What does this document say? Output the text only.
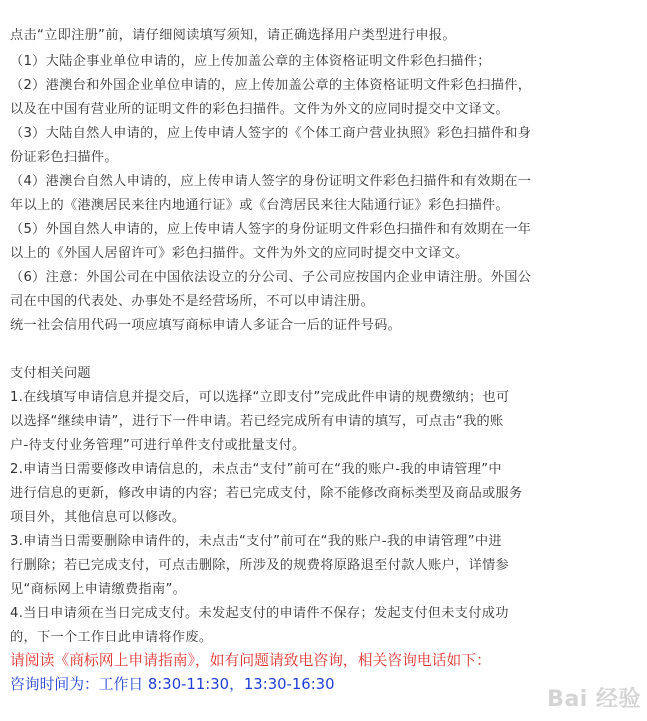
点击“立即注册”前，请仔细阅读填写须知，请正确选择用户类型进行申报。
（1）大陆企事业单位申请的，应上传加盖公章的主体资格证明文件彩色扫描件；
（2）港澳台和外国企业单位申请的，应上传加盖公章的主体资格证明文件彩色扫描件，
以及在中国有营业所的证明文件的彩色扫描件。文件为外文的应同时提交中文译文。
（3）大陆自然人申请的，应上传申请人签字的《个体工商户营业执照》彩色扫描件和身
份证彩色扫描件。
（4）港澳台自然人申请的，应上传申请人签字的身份证明文件彩色扫描件和有效期在一
年以上的《港澳居民来往内地通行证》或《台湾居民来往大陆通行证》彩色扫描件。
（5）外国自然人申请的，应上传申请人签字的身份证明文件彩色扫描件和有效期在一年
以上的《外国人居留许可》彩色扫描件。文件为外文的应同时提交中文译文。
（6）注意：外国公司在中国依法设立的分公司、子公司应按国内企业申请注册。外国公
司在中国的代表处、办事处不是经营场所，不可以申请注册。
统一社会信用代码一项应填写商标申请人多证合一后的证件号码。
支付相关问题
1.在线填写申请信息并提交后，可以选择“立即支付”完成此件申请的规费缴纳；也可
以选择“继续申请”，进行下一件申请。若已经完成所有申请的填写，可点击“我的账
户-待支付业务管理”可进行单件支付或批量支付。
2.申请当日需要修改申请信息的，未点击“支付”前可在“我的账户-我的申请管理”中
进行信息的更新，修改申请的内容；若已完成支付，除不能修改商标类型及商品或服务
项目外，其他信息可以修改。
3.申请当日需要删除申请件的，未点击“支付”前可在“我的账户-我的申请管理”中进
行删除；若已完成支付，可点击删除，所涉及的规费将原路退至付款人账户，详情参
见“商标网上申请缴费指南”。
4.当日申请须在当日完成支付。未发起支付的申请件不保存；发起支付但未支付成功
的，下一个工作日此申请将作废。
请阅读《商标网上申请指南》，如有问题请致电咨询，相关咨询电话如下：
咨询时间为：工作日 8:30-11:30，13:30-16:30
Bai 经验
